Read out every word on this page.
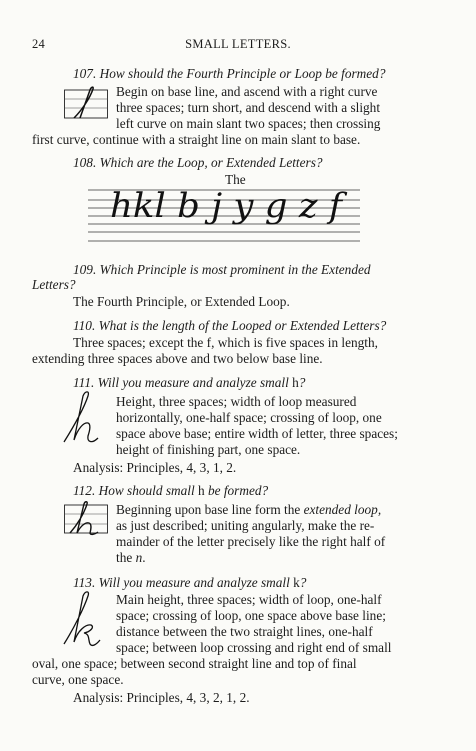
24	SMALL LETTERS.
107. How should the Fourth Principle or Loop be formed?
Begin on base line, and ascend with a right curve
three spaces; turn short, and descend with a slight
left curve on main slant two spaces; then crossing
first curve, continue with a straight line on main slant to base.
108. Which are the Loop, or Extended Letters?
The
hkl b j y g z f
109. Which Principle is most prominent in the Extended
Letters?
The Fourth Principle, or Extended Loop.
110. What is the length of the Looped or Extended Letters?
Three spaces; except the f, which is five spaces in length,
extending three spaces above and two below base line.
111. Will you measure and analyze small h?
Height, three spaces; width of loop measured
horizontally, one-half space; crossing of loop, one
space above base; entire width of letter, three spaces;
height of finishing part, one space.
Analysis: Principles, 4, 3, 1, 2.
112. How should small h be formed?
Beginning upon base line form the extended loop,
as just described; uniting angularly, make the re-
mainder of the letter precisely like the right half of
the n.
113. Will you measure and analyze small k?
Main height, three spaces; width of loop, one-half
space; crossing of loop, one space above base line;
distance between the two straight lines, one-half
space; between loop crossing and right end of small
oval, one space; between second straight line and top of final
curve, one space.
Analysis: Principles, 4, 3, 2, 1, 2.
